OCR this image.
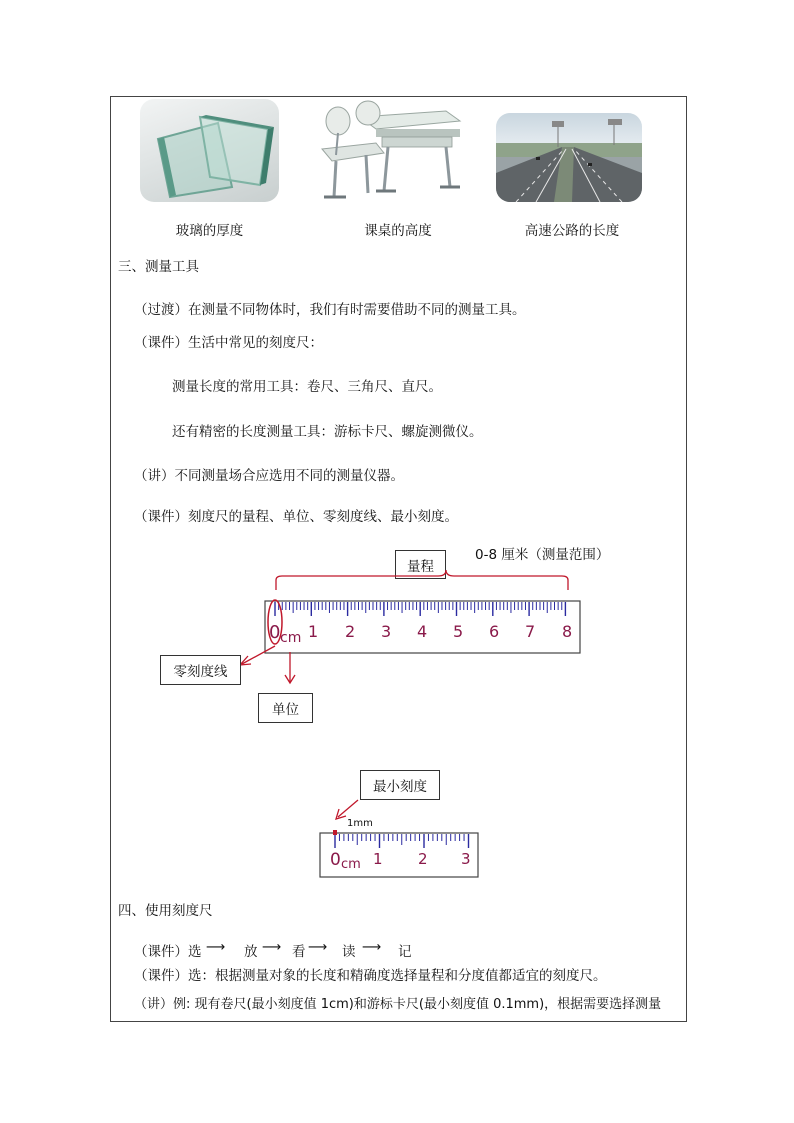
玻璃的厚度	课桌的高度	高速公路的长度
三、测量工具
（过渡）在测量不同物体时，我们有时需要借助不同的测量工具。
（课件）生活中常见的刻度尺：
测量长度的常用工具：卷尺、三角尺、直尺。
还有精密的长度测量工具：游标卡尺、螺旋测微仪。
（讲）不同测量场合应选用不同的测量仪器。
（课件）刻度尺的量程、单位、零刻度线、最小刻度。
0-8 厘米（测量范围）
量程
0 cm 1 2 3 4 5 6 7 8
零刻度线
单位
最小刻度
1mm
0 cm 1 2 3
四、使用刻度尺
（课件） 选 ⟶ 放 ⟶ 看 ⟶ 读 ⟶ 记
（课件）选：根据测量对象的长度和精确度选择量程和分度值都适宜的刻度尺。
（讲）例: 现有卷尺(最小刻度值 1cm)和游标卡尺(最小刻度值 0.1mm)，根据需要选择测量
